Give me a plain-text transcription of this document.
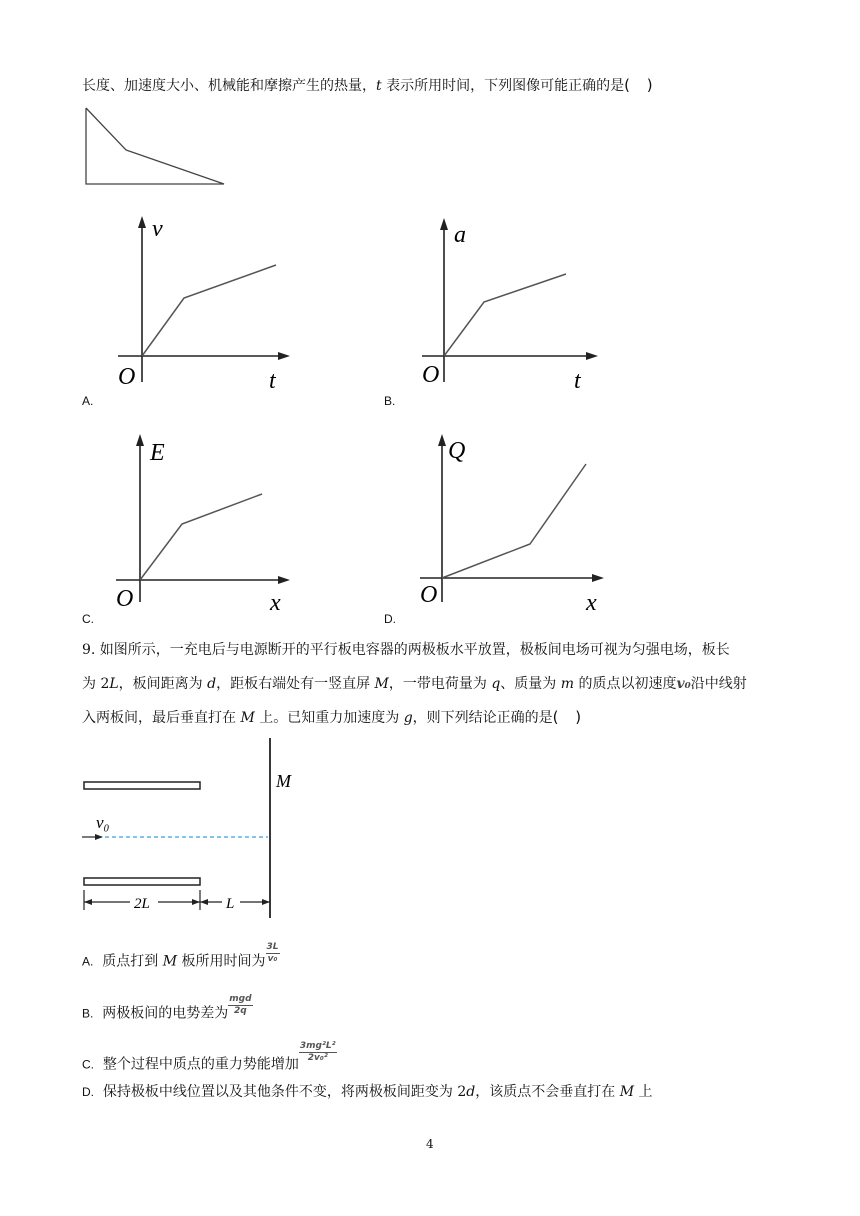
长度、加速度大小、机械能和摩擦产生的热量，t 表示所用时间，下列图像可能正确的是( )
v
t
O
A.
a
t
O
B.
E
x
O
C.
Q
x
O
D.
9. 如图所示，一充电后与电源断开的平行板电容器的两极板水平放置，极板间电场可视为匀强电场，板长
为 2L，板间距离为 d，距板右端处有一竖直屏 M，一带电荷量为 q、质量为 m 的质点以初速度v₀沿中线射
入两板间，最后垂直打在 M 上。已知重力加速度为 g，则下列结论正确的是( )
v₀
M
2L	L
A. 质点打到 M 板所用时间为 $\frac{3L}{\text{v₀}}$
B. 两极板间的电势差为 $\frac{\text{mgd}}{2q}$
C. 整个过程中质点的重力势能增加
$\frac{\text{3mg²L²}}{\text{2v₀²}}$
D. 保持极板中线位置以及其他条件不变，将两极板间距变为 2d，该质点不会垂直打在 M 上
4
